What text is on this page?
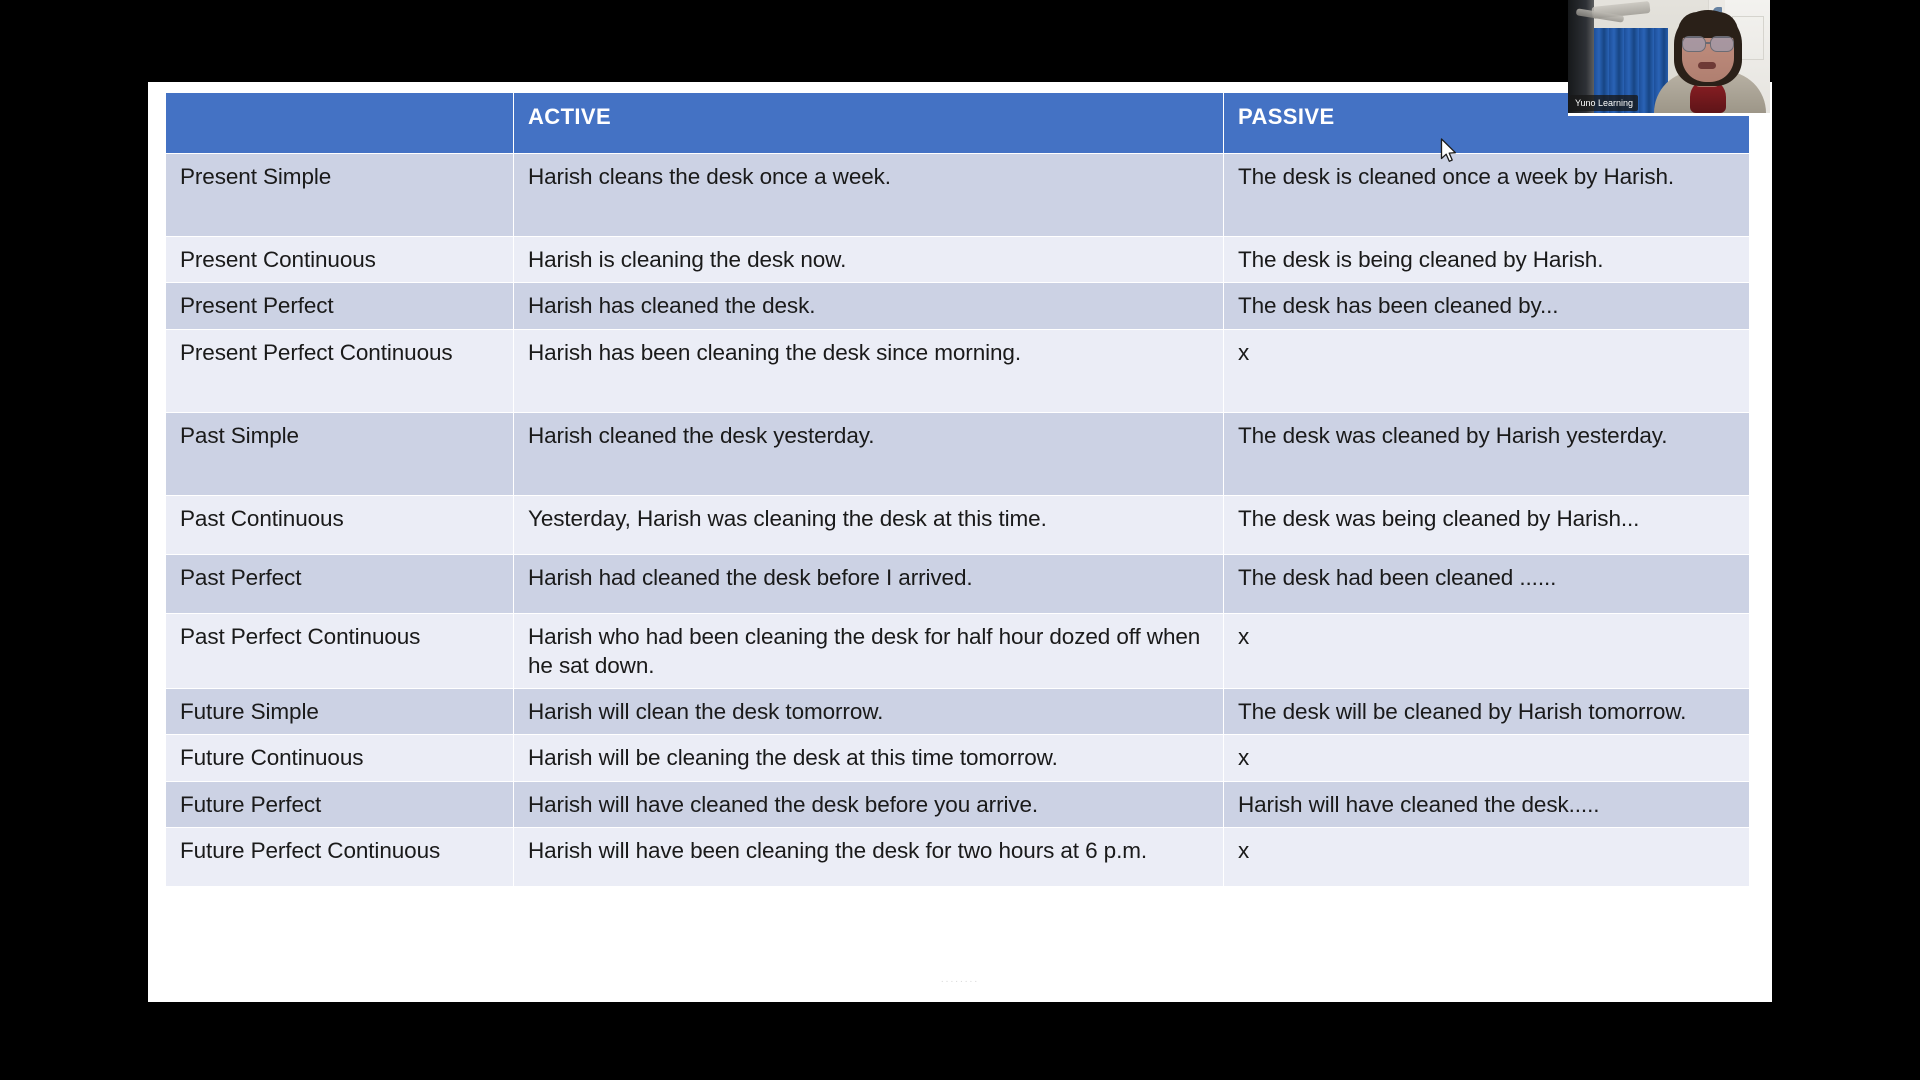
	ACTIVE	PASSIVE
Present Simple	Harish cleans the desk once a week.	The desk is cleaned once a week by Harish.
Present Continuous	Harish is cleaning the desk now.	The desk is being cleaned by Harish.
Present Perfect	Harish has cleaned the desk.	The desk has been cleaned by...
Present Perfect Continuous	Harish has been cleaning the desk since morning.	x
Past Simple	Harish cleaned the desk yesterday.	The desk was cleaned by Harish yesterday.
Past Continuous	Yesterday, Harish was cleaning the desk at this time.	The desk was being cleaned by Harish...
Past Perfect	Harish had cleaned the desk before I arrived.	The desk had been cleaned ......
Past Perfect Continuous	Harish who had been cleaning the desk for half hour dozed off when he sat down.	x
Future Simple	Harish will clean the desk tomorrow.	The desk will be cleaned by Harish tomorrow.
Future Continuous	Harish will be cleaning the desk at this time tomorrow.	x
Future Perfect	Harish will have cleaned the desk before you arrive.	Harish will have cleaned the desk.....
Future Perfect Continuous	Harish will have been cleaning the desk for two hours at 6 p.m.	x
........
Yuno Learning
